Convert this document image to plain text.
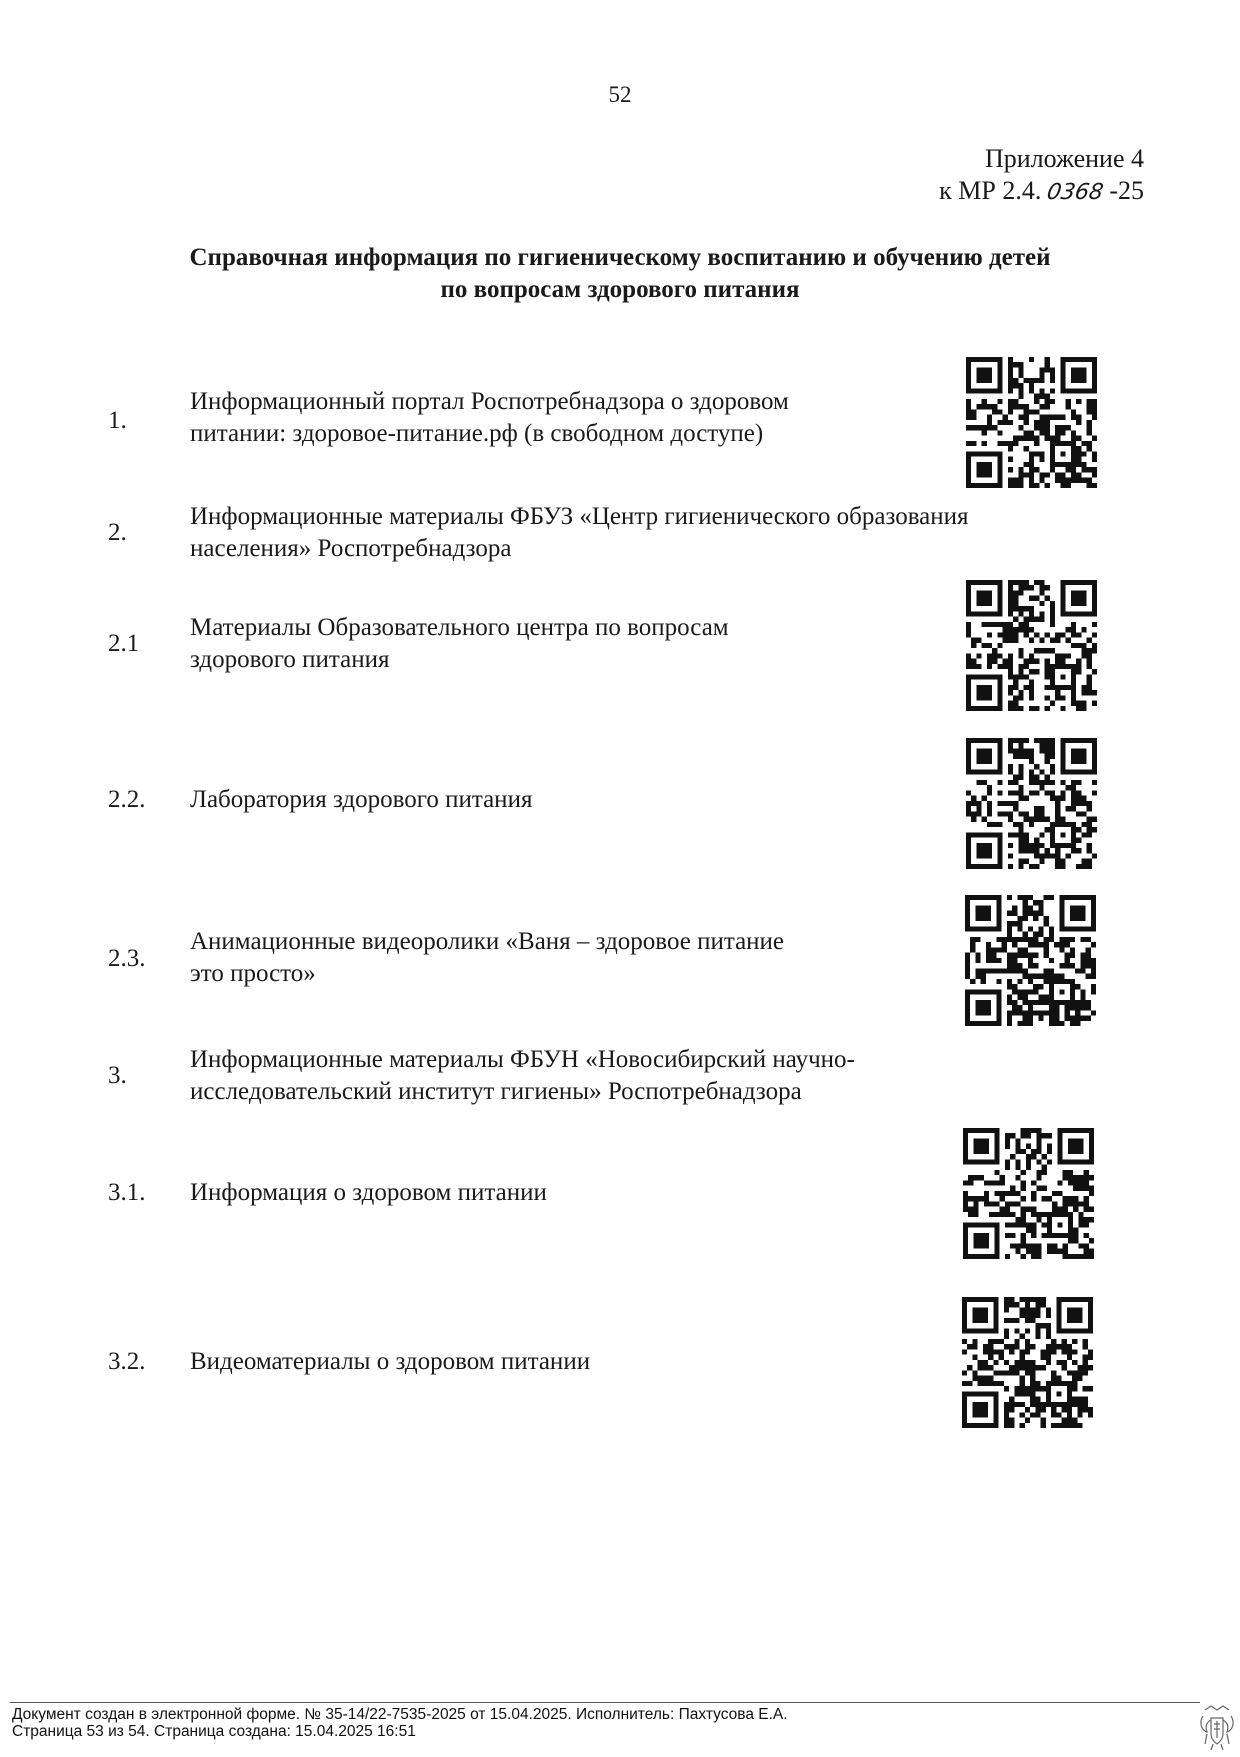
52
Приложение 4
к МР 2.4. 0368 -25
Справочная информация по гигиеническому воспитанию и обучению детей
по вопросам здорового питания
1.
Информационный портал Роспотребнадзора о здоровом
питании: здоровое-питание.рф (в свободном доступе)
2.
Информационные материалы ФБУЗ «Центр гигиенического образования
населения» Роспотребнадзора
2.1
Материалы Образовательного центра по вопросам
здорового питания
2.2. Лаборатория здорового питания
2.3.
Анимационные видеоролики «Ваня – здоровое питание
это просто»
3.
Информационные материалы ФБУН «Новосибирский научно-
исследовательский институт гигиены» Роспотребнадзора
3.1. Информация о здоровом питании
3.2. Видеоматериалы о здоровом питании
Документ создан в электронной форме. № 35-14/22-7535-2025 от 15.04.2025. Исполнитель: Пахтусова Е.А.
Страница 53 из 54. Страница создана: 15.04.2025 16:51
